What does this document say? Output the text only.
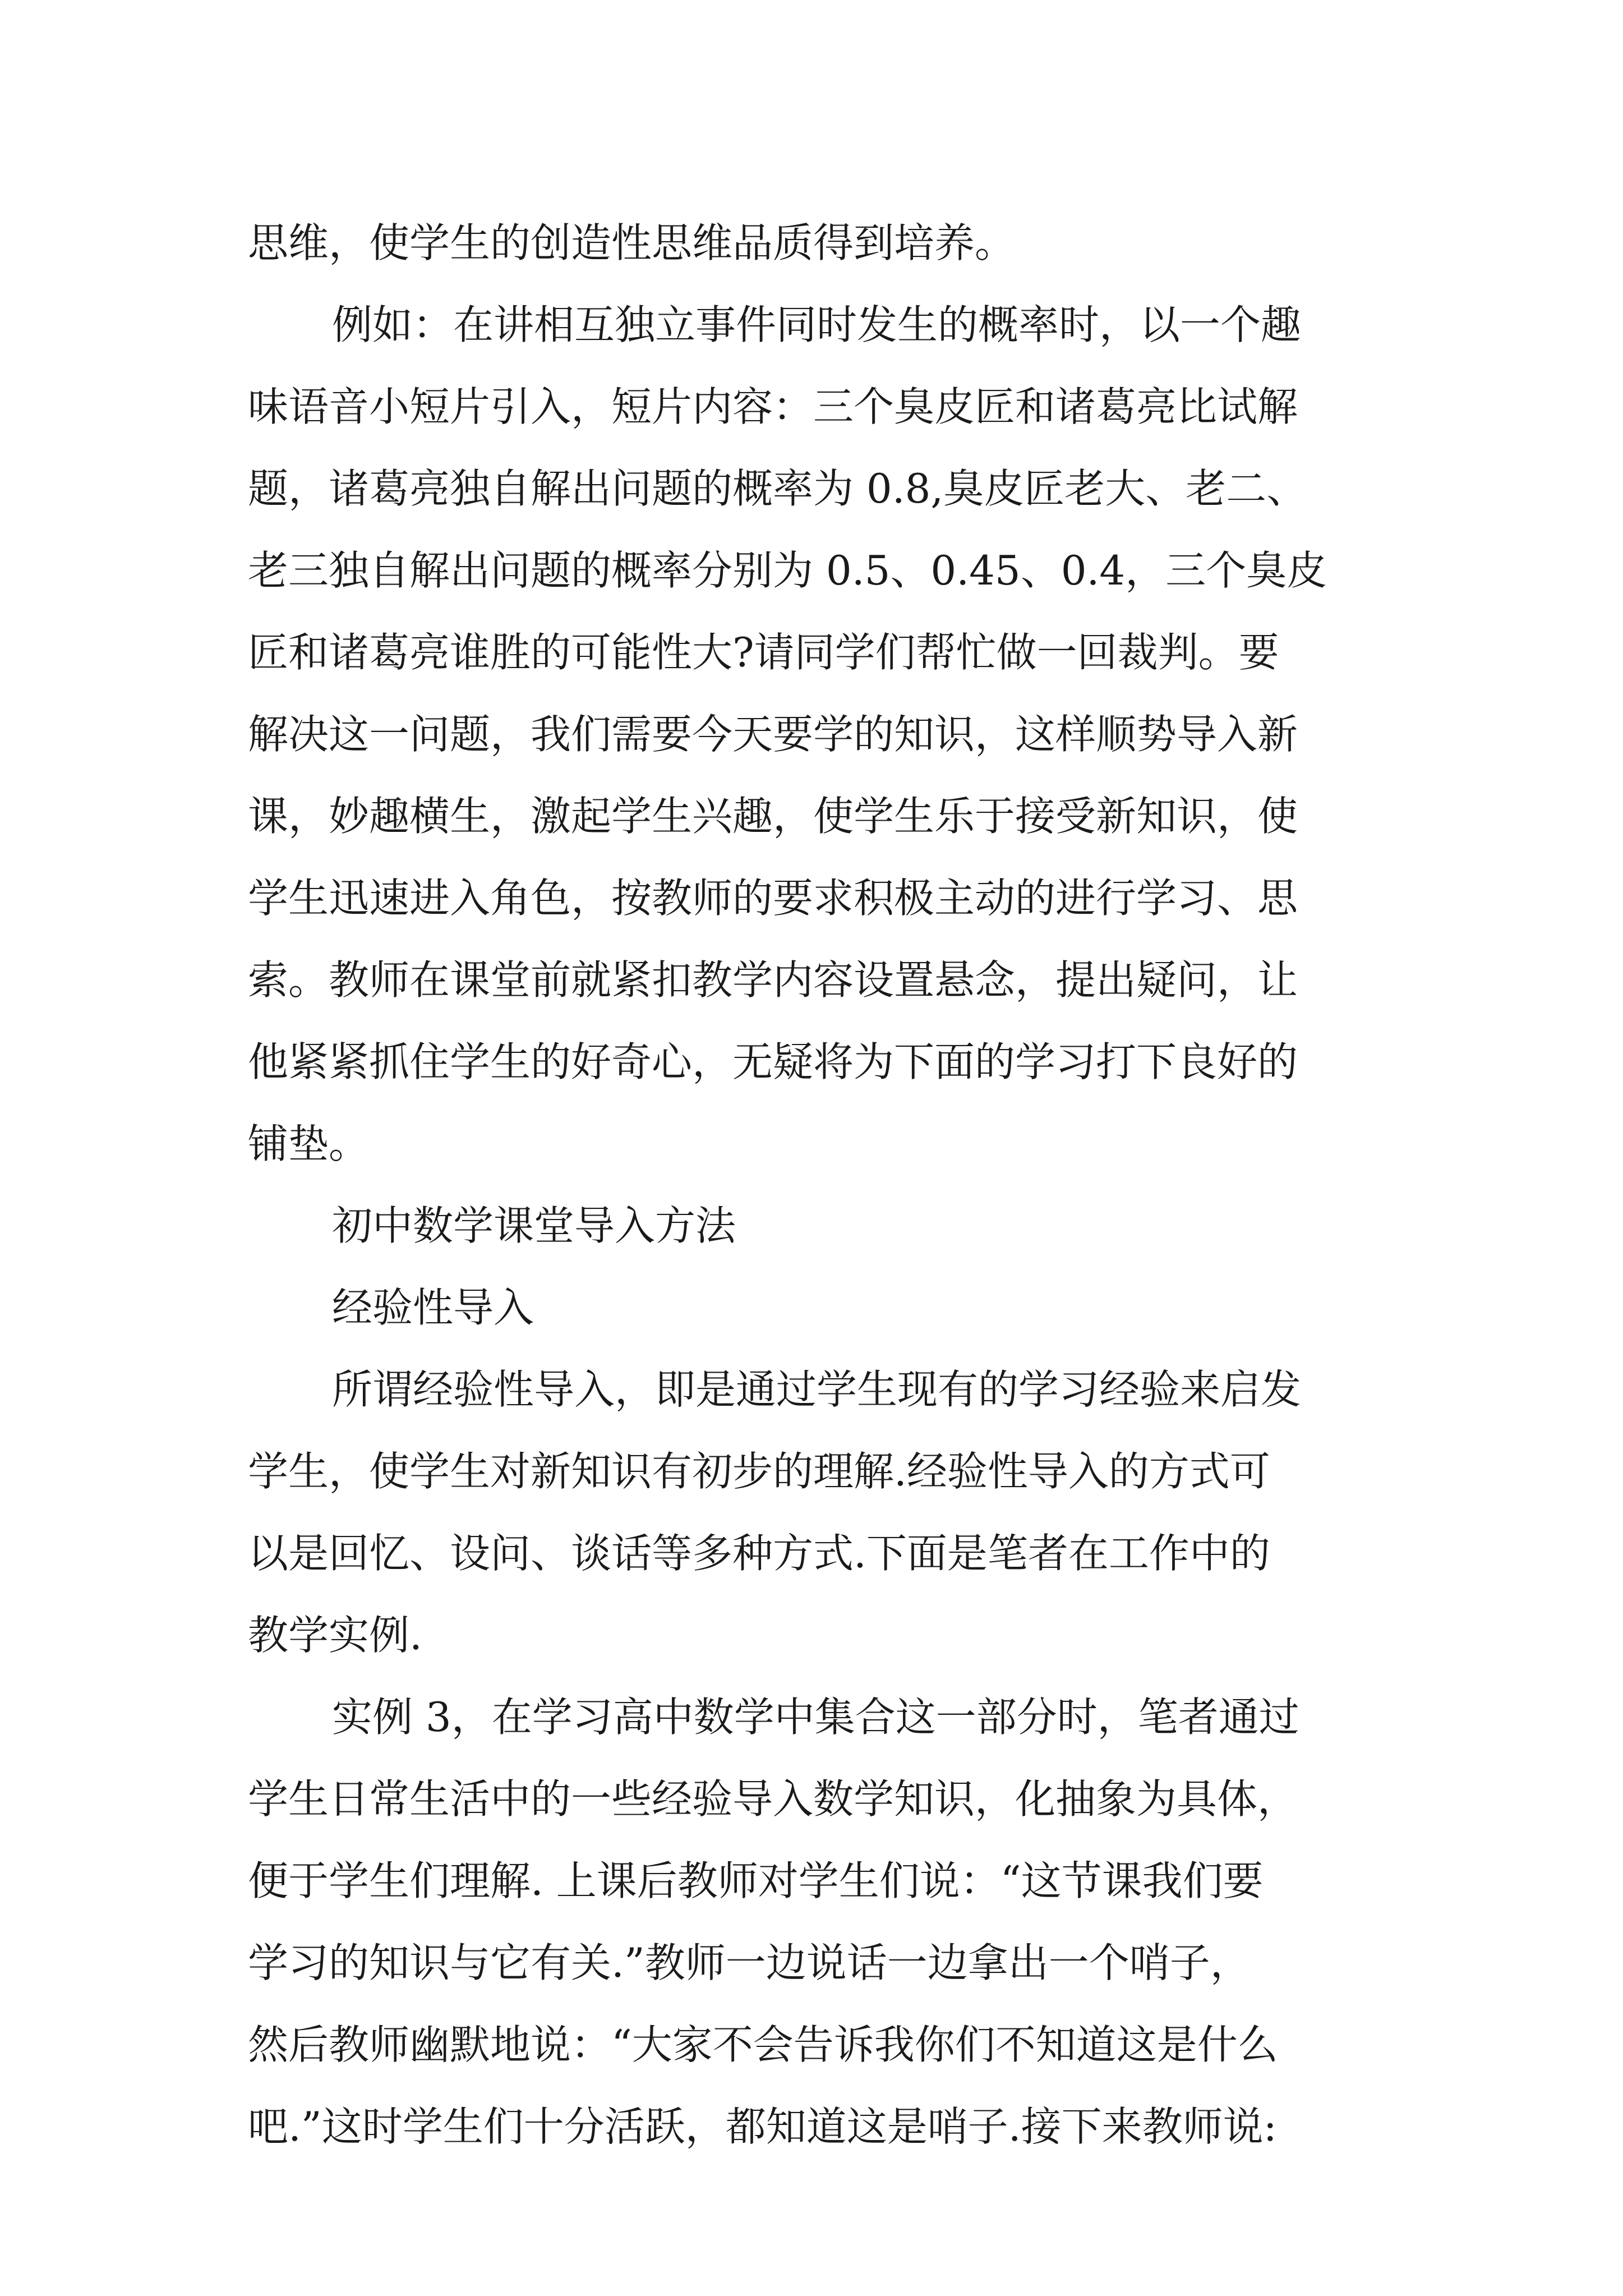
思维，使学生的创造性思维品质得到培养。
例如：在讲相互独立事件同时发生的概率时，以一个趣
味语音小短片引入，短片内容：三个臭皮匠和诸葛亮比试解
题，诸葛亮独自解出问题的概率为 0.8,臭皮匠老大、老二、
老三独自解出问题的概率分别为 0.5、0.45、0.4，三个臭皮
匠和诸葛亮谁胜的可能性大?请同学们帮忙做一回裁判。要
解决这一问题，我们需要今天要学的知识，这样顺势导入新
课，妙趣横生，激起学生兴趣，使学生乐于接受新知识，使
学生迅速进入角色，按教师的要求积极主动的进行学习、思
索。教师在课堂前就紧扣教学内容设置悬念，提出疑问，让
他紧紧抓住学生的好奇心，无疑将为下面的学习打下良好的
铺垫。
初中数学课堂导入方法
经验性导入
所谓经验性导入，即是通过学生现有的学习经验来启发
学生，使学生对新知识有初步的理解.经验性导入的方式可
以是回忆、设问、谈话等多种方式.下面是笔者在工作中的
教学实例.
实例 3，在学习高中数学中集合这一部分时，笔者通过
学生日常生活中的一些经验导入数学知识，化抽象为具体，
便于学生们理解. 上课后教师对学生们说：“这节课我们要
学习的知识与它有关.”教师一边说话一边拿出一个哨子，
然后教师幽默地说：“大家不会告诉我你们不知道这是什么
吧.”这时学生们十分活跃，都知道这是哨子.接下来教师说:
